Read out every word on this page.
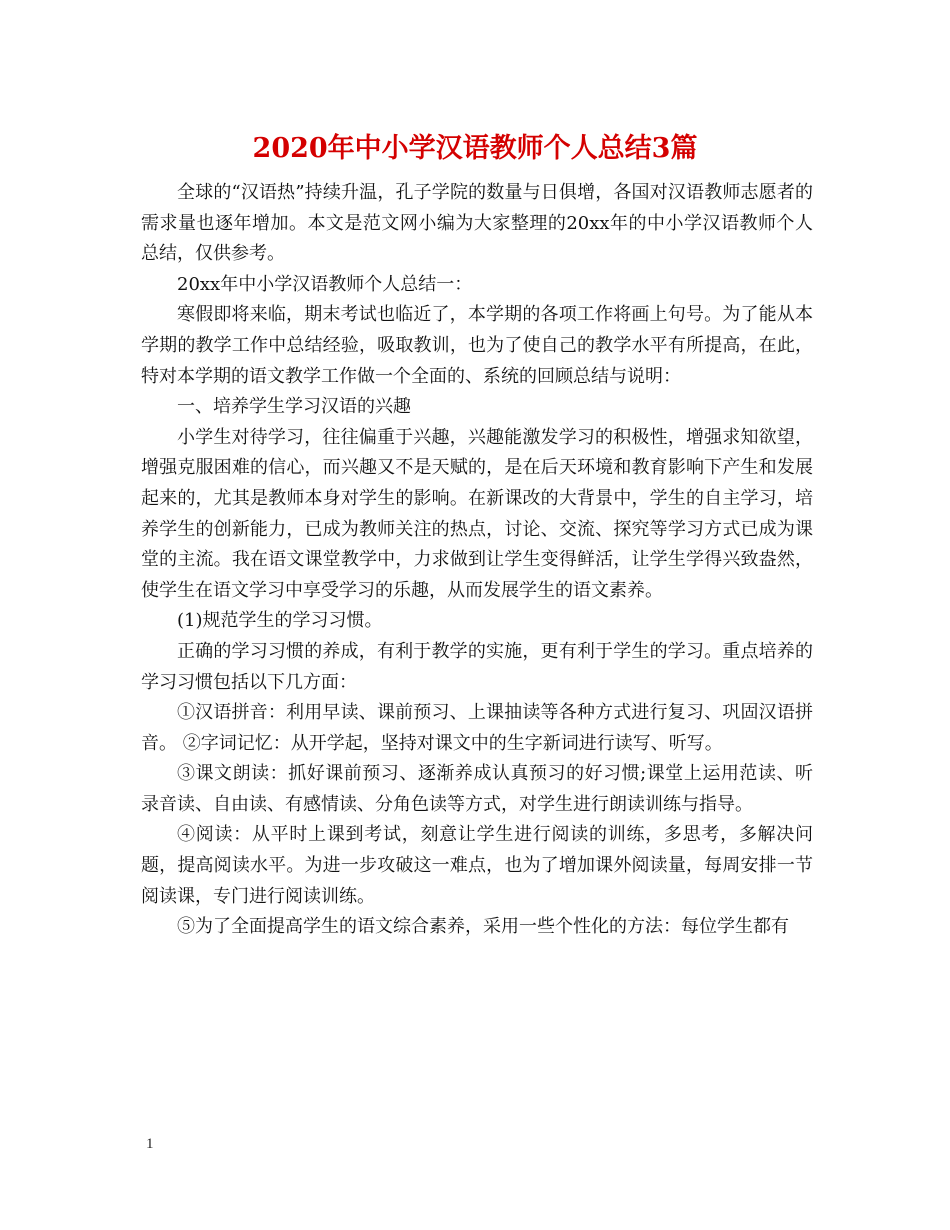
2020年中小学汉语教师个人总结3篇

全球的“汉语热”持续升温，孔子学院的数量与日俱增，各国对汉语教师志愿者的需求量也逐年增加。本文是范文网小编为大家整理的20xx年的中小学汉语教师个人总结，仅供参考。

20xx年中小学汉语教师个人总结一：

寒假即将来临，期末考试也临近了，本学期的各项工作将画上句号。为了能从本学期的教学工作中总结经验，吸取教训，也为了使自己的教学水平有所提高，在此，特对本学期的语文教学工作做一个全面的、系统的回顾总结与说明：

一、培养学生学习汉语的兴趣

小学生对待学习，往往偏重于兴趣，兴趣能激发学习的积极性，增强求知欲望，增强克服困难的信心，而兴趣又不是天赋的，是在后天环境和教育影响下产生和发展起来的，尤其是教师本身对学生的影响。在新课改的大背景中，学生的自主学习，培养学生的创新能力，已成为教师关注的热点，讨论、交流、探究等学习方式已成为课堂的主流。我在语文课堂教学中，力求做到让学生变得鲜活，让学生学得兴致盎然，使学生在语文学习中享受学习的乐趣，从而发展学生的语文素养。

(1)规范学生的学习习惯。

正确的学习习惯的养成，有利于教学的实施，更有利于学生的学习。重点培养的学习习惯包括以下几方面：

①汉语拼音：利用早读、课前预习、上课抽读等各种方式进行复习、巩固汉语拼音。 ②字词记忆：从开学起，坚持对课文中的生字新词进行读写、听写。

③课文朗读：抓好课前预习、逐渐养成认真预习的好习惯;课堂上运用范读、听录音读、自由读、有感情读、分角色读等方式，对学生进行朗读训练与指导。

④阅读：从平时上课到考试，刻意让学生进行阅读的训练，多思考，多解决问题，提高阅读水平。为进一步攻破这一难点，也为了增加课外阅读量，每周安排一节阅读课，专门进行阅读训练。

⑤为了全面提高学生的语文综合素养，采用一些个性化的方法：每位学生都有

1
